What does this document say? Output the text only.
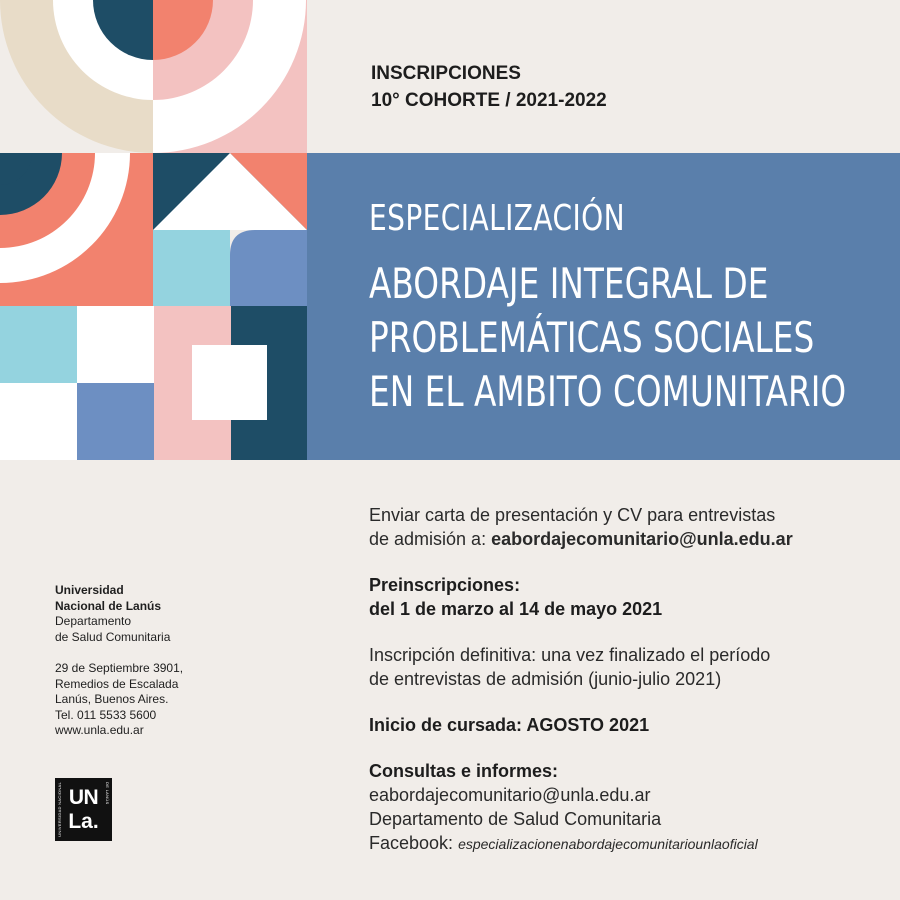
INSCRIPCIONES
10° COHORTE / 2021-2022
ESPECIALIZACIÓN
ABORDAJE INTEGRAL DE
PROBLEMÁTICAS SOCIALES
EN EL AMBITO COMUNITARIO
Enviar carta de presentación y CV para entrevistas
de admisión a: eabordajecomunitario@unla.edu.ar
Preinscripciones:
del 1 de marzo al 14 de mayo 2021
Inscripción definitiva: una vez finalizado el período
de entrevistas de admisión (junio-julio 2021)
Inicio de cursada: AGOSTO 2021
Consultas e informes:
eabordajecomunitario@unla.edu.ar
Departamento de Salud Comunitaria
Facebook: especializacionenabordajecomunitariounlaoficial
Universidad
Nacional de Lanús
Departamento
de Salud Comunitaria
29 de Septiembre 3901,
Remedios de Escalada
Lanús, Buenos Aires.
Tel. 011 5533 5600
www.unla.edu.ar
UNIVERSIDAD NACIONAL	DE LANÚS
UN
La.
